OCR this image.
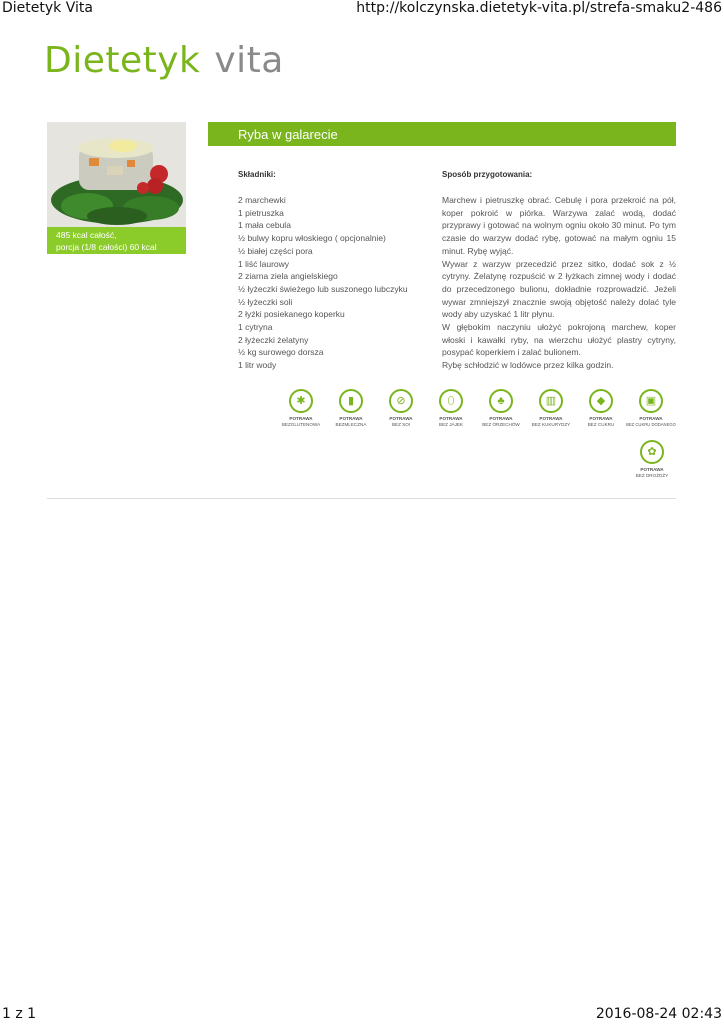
Dietetyk Vita	http://kolczynska.dietetyk-vita.pl/strefa-smaku2-486
Dietetyk vita
485 kcal całość,
porcja (1/8 całości) 60 kcal
Ryba w galarecie
Składniki:	Sposób przygotowania:
2 marchewki
1 pietruszka
1 mała cebula
½ bulwy kopru włoskiego ( opcjonalnie)
½ białej części pora
1 liść laurowy
2 ziarna ziela angielskiego
½ łyżeczki świeżego lub suszonego lubczyku
½ łyżeczki soli
2 łyżki posiekanego koperku
1 cytryna
2 łyżeczki żelatyny
½ kg surowego dorsza
1 litr wody

Marchew i pietruszkę obrać. Cebulę i pora przekroić na pół, koper pokroić w piórka. Warzywa zalać wodą, dodać przyprawy i gotować na wolnym ogniu około 30 minut. Po tym czasie do warzyw dodać rybę, gotować na małym ogniu 15 minut. Rybę wyjąć.

Wywar z warzyw przecedzić przez sitko, dodać sok z ½ cytryny. Żelatynę rozpuścić w 2 łyżkach zimnej wody i dodać do przecedzonego bulionu, dokładnie rozprowadzić. Jeżeli wywar zmniejszył znacznie swoją objętość należy dolać tyle wody aby uzyskać 1 litr płynu.

W głębokim naczyniu ułożyć pokrojoną marchew, koper włoski i kawałki ryby, na wierzchu ułożyć plastry cytryny, posypać koperkiem i zalać bulionem.

Rybę schłodzić w lodówce przez kilka godzin.

✱
POTRAWA
BEZGLUTENOWA
▮
POTRAWA
BEZMLECZNA
⊘
POTRAWA
BEZ SOI
⬯
POTRAWA
BEZ JAJEK
♣
POTRAWA
BEZ ORZECHÓW
▥
POTRAWA
BEZ KUKURYDZY
◆
POTRAWA
BEZ CUKRU
▣
POTRAWA
BEZ CUKRU DODANEGO
✿
POTRAWA
BEZ DROŻDŻY
1 z 1	2016-08-24 02:43
